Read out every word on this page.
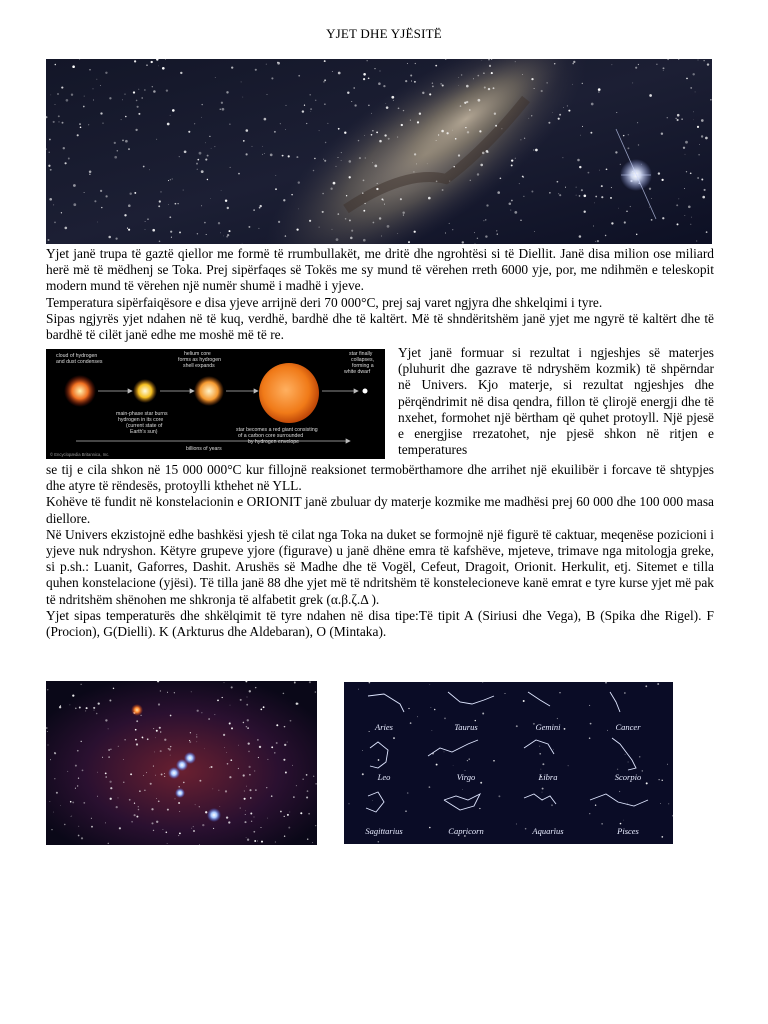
YJET DHE YJËSITË

Yjet janë trupa të gaztë qiellor me formë të rrumbullakët, me dritë dhe ngrohtësi si të Diellit. Janë disa milion ose miliard herë më të mëdhenj se Toka. Prej sipërfaqes së Tokës me sy mund të vërehen rreth 6000 yje, por, me ndihmën e teleskopit modern mund të vërehen një numër shumë i madhë i yjeve.
Temperatura sipërfaiqësore e disa yjeve arrijnë deri 70 000°C, prej saj varet ngjyra dhe shkelqimi i tyre.
Sipas ngjyrës yjet ndahen në të kuq, verdhë, bardhë dhe të kaltërt. Më të shndëritshëm janë yjet me ngyrë të kaltërt dhe të bardhë të cilët janë edhe me moshë më të re.

cloud of hydrogen and dust condenses
helium core forms as hydrogen shell expands
star finally collapses, forming a white dwarf
main-phase star burns hydrogen in its core (current state of Earth's sun)	star becomes a red giant consisting of a carbon core surrounded by hydrogen envelope
billions of years
© Encyclopædia Britannica, Inc.

Yjet janë formuar si rezultat i ngjeshjes së materjes (pluhurit dhe gazrave të ndryshëm kozmik) të shpërndar në Univers. Kjo materje, si rezultat ngjeshjes dhe përqëndrimit në disa qendra, fillon të çlirojë energji dhe të nxehet, formohet një bërtham që quhet protoyll. Një pjesë e energjise rrezatohet, nje pjesë shkon në ritjen e temperatures

se tij e cila shkon në 15 000 000°C kur fillojnë reaksionet termobërthamore dhe arrihet një ekuilibër i forcave të shtypjes dhe atyre të rëndesës, protoylli kthehet në YLL.
Kohëve të fundit në konstelacionin e ORIONIT janë zbuluar dy materje kozmike me madhësi prej 60 000 dhe 100 000 masa diellore.
Në Univers ekzistojnë edhe bashkësi yjesh të cilat nga Toka na duket se formojnë një figurë të caktuar, meqenëse pozicioni i yjeve nuk ndryshon. Këtyre grupeve yjore (figurave) u janë dhëne emra të kafshëve, mjeteve, trimave nga mitologja greke, si p.sh.: Luanit, Gaforres, Dashit. Arushës së Madhe dhe të Vogël, Cefeut, Dragoit, Orionit. Herkulit, etj. Sitemet e tilla quhen konstelacione (yjësi). Të tilla janë 88 dhe yjet më të ndritshëm të konstelecioneve kanë emrat e tyre kurse yjet më pak të ndritshëm shënohen me shkronja të alfabetit grek (α.β.ζ.Δ ).
Yjet sipas temperaturës dhe shkëlqimit të tyre ndahen në disa tipe:Të tipit A (Siriusi dhe Vega), B (Spika dhe Rigel). F (Procion), G(Dielli). K (Arkturus dhe Aldebaran), O (Mintaka).

Aries	Taurus	Gemini	Cancer
Leo	Virgo	Libra	Scorpio
Sagittarius	Capricorn	Aquarius	Pisces
